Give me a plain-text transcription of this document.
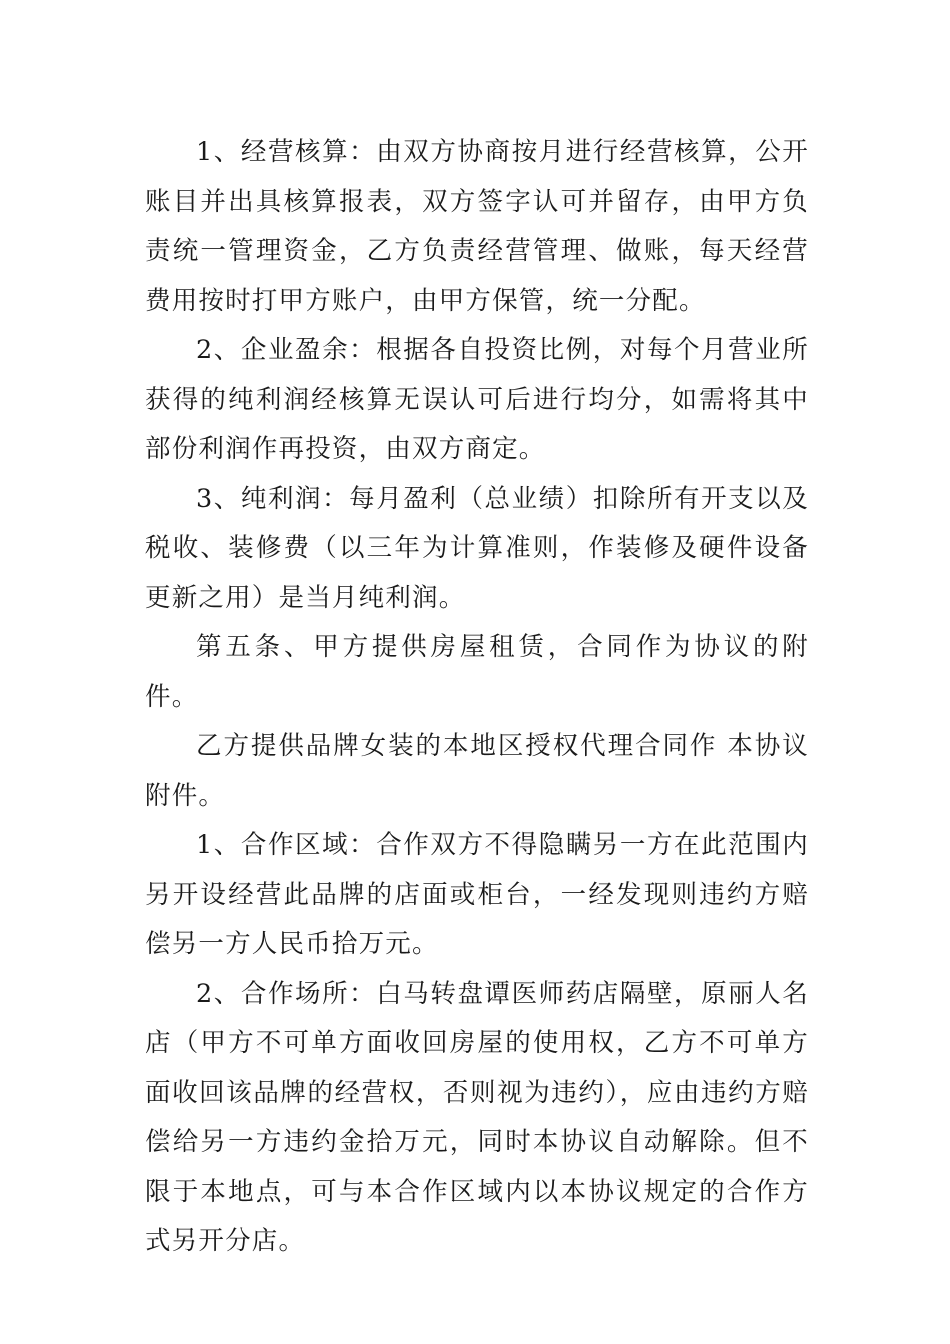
1、经营核算：由双方协商按月进行经营核算，公开账目并出具核算报表，双方签字认可并留存，由甲方负责统一管理资金，乙方负责经营管理、做账，每天经营费用按时打甲方账户，由甲方保管，统一分配。

2、企业盈余：根据各自投资比例，对每个月营业所获得的纯利润经核算无误认可后进行均分，如需将其中部份利润作再投资，由双方商定。

3、纯利润：每月盈利（总业绩）扣除所有开支以及税收、装修费（以三年为计算准则，作装修及硬件设备更新之用）是当月纯利润。

第五条、甲方提供房屋租赁，合同作为协议的附件。

乙方提供品牌女装的本地区授权代理合同作 本协议附件。

1、合作区域：合作双方不得隐瞒另一方在此范围内另开设经营此品牌的店面或柜台，一经发现则违约方赔偿另一方人民币拾万元。

2、合作场所：白马转盘谭医师药店隔壁，原丽人名店（甲方不可单方面收回房屋的使用权，乙方不可单方面收回该品牌的经营权，否则视为违约），应由违约方赔偿给另一方违约金拾万元，同时本协议自动解除。但不限于本地点，可与本合作区域内以本协议规定的合作方式另开分店。
